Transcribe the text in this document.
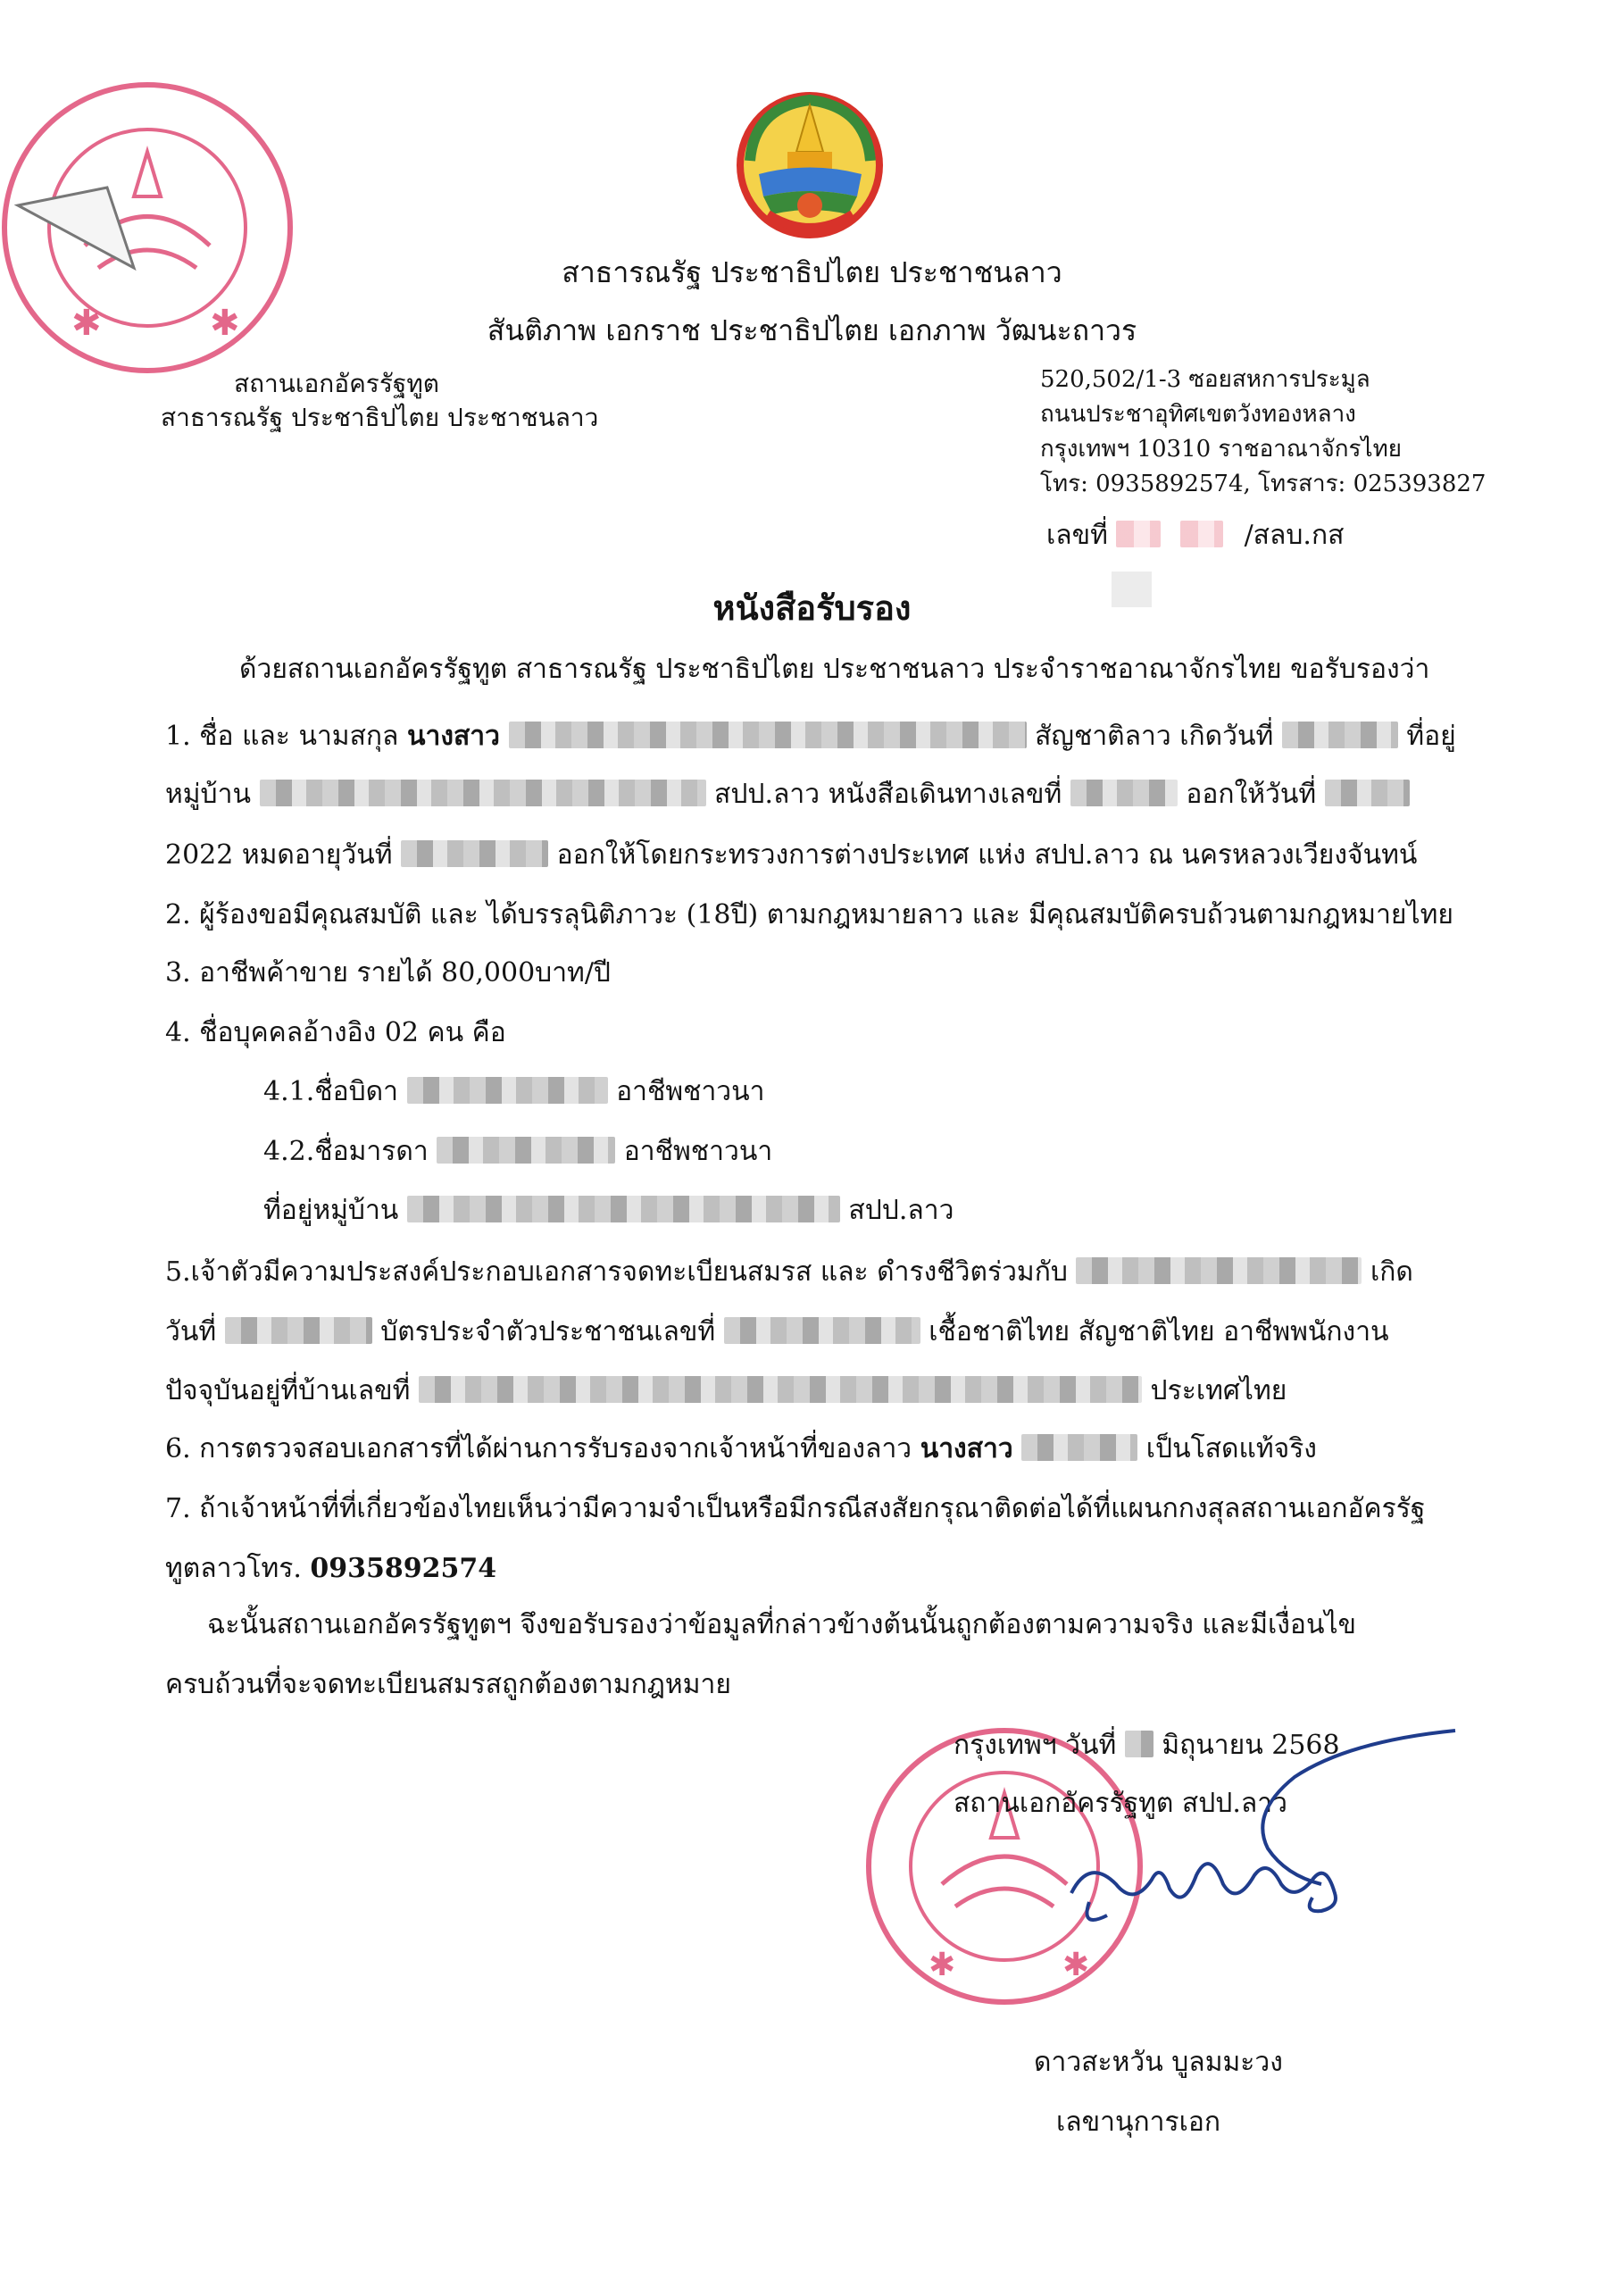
✱	✱
สาธารณรัฐ ประชาธิปไตย ประชาชนลาว
สันติภาพ เอกราช ประชาธิปไตย เอกภาพ วัฒนะถาวร
สถานเอกอัครรัฐทูต
สาธารณรัฐ ประชาธิปไตย ประชาชนลาว
520,502/1-3 ซอยสหการประมูล
ถนนประชาอุทิศเขตวังทองหลาง
กรุงเทพฯ 10310 ราชอาณาจักรไทย
โทร: 0935892574, โทรสาร: 025393827
เลขที่	/สลบ.กส
หนังสือรับรอง
ด้วยสถานเอกอัครรัฐทูต สาธารณรัฐ ประชาธิปไตย ประชาชนลาว ประจำราชอาณาจักรไทย ขอรับรองว่า
1. ชื่อ และ นามสกุล นางสาว	สัญชาติลาว เกิดวันที่	ที่อยู่
หมู่บ้าน	สปป.ลาว หนังสือเดินทางเลขที่	ออกให้วันที่
2022 หมดอายุวันที่	ออกให้โดยกระทรวงการต่างประเทศ แห่ง สปป.ลาว ณ นครหลวงเวียงจันทน์
2. ผู้ร้องขอมีคุณสมบัติ และ ได้บรรลุนิติภาวะ (18ปี) ตามกฎหมายลาว และ มีคุณสมบัติครบถ้วนตามกฎหมายไทย
3. อาชีพค้าขาย รายได้ 80,000บาท/ปี
4. ชื่อบุคคลอ้างอิง 02 คน คือ
4.1.ชื่อบิดา	อาชีพชาวนา
4.2.ชื่อมารดา	อาชีพชาวนา
ที่อยู่หมู่บ้าน	สปป.ลาว
5.เจ้าตัวมีความประสงค์ประกอบเอกสารจดทะเบียนสมรส และ ดำรงชีวิตร่วมกับ	เกิด
วันที่	บัตรประจำตัวประชาชนเลขที่	เชื้อชาติไทย สัญชาติไทย อาชีพพนักงาน
ปัจจุบันอยู่ที่บ้านเลขที่	ประเทศไทย
6. การตรวจสอบเอกสารที่ได้ผ่านการรับรองจากเจ้าหน้าที่ของลาว นางสาว	เป็นโสดแท้จริง
7. ถ้าเจ้าหน้าที่ที่เกี่ยวข้องไทยเห็นว่ามีความจำเป็นหรือมีกรณีสงสัยกรุณาติดต่อได้ที่แผนกกงสุลสถานเอกอัครรัฐ
ทูตลาวโทร. 0935892574
ฉะนั้นสถานเอกอัครรัฐทูตฯ จึงขอรับรองว่าข้อมูลที่กล่าวข้างต้นนั้นถูกต้องตามความจริง และมีเงื่อนไข
ครบถ้วนที่จะจดทะเบียนสมรสถูกต้องตามกฎหมาย
✱	✱
กรุงเทพฯ วันที่ มิถุนายน 2568
สถานเอกอัครรัฐทูต สปป.ลาว
ดาวสะหวัน บูลมมะวง
เลขานุการเอก
